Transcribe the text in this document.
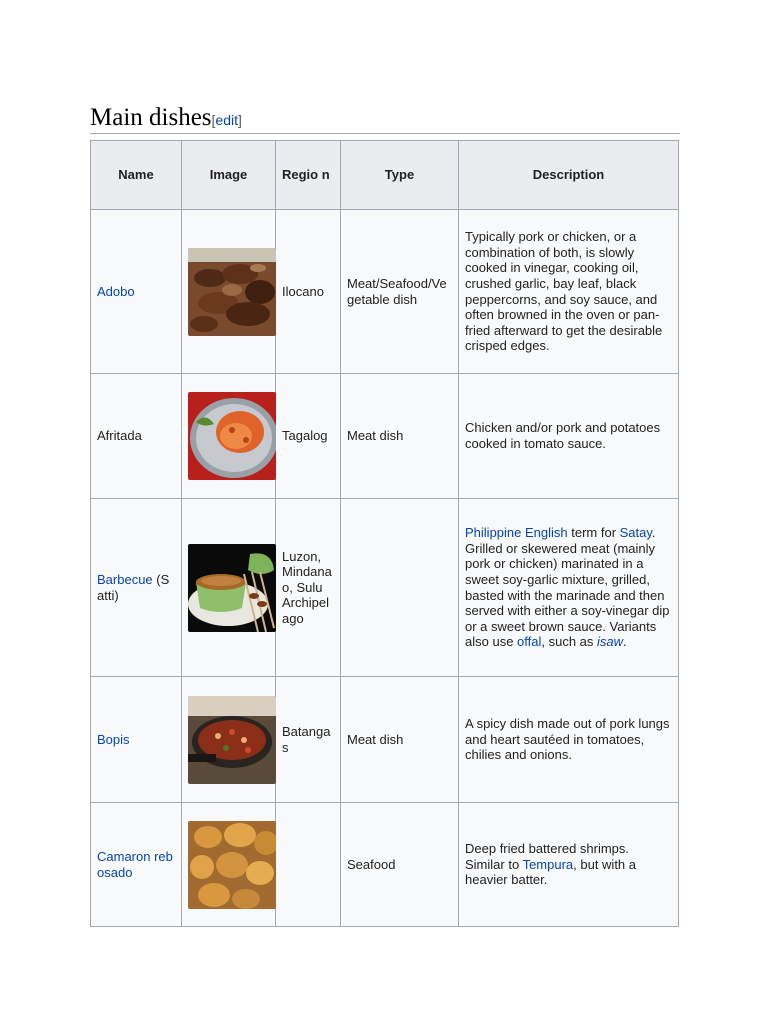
Main dishes[edit]
Name	Image	Regio n	Type	Description
Adobo		Ilocano	Meat/Seafood/Vegetable dish	Typically pork or chicken, or a combination of both, is slowly cooked in vinegar, cooking oil, crushed garlic, bay leaf, black peppercorns, and soy sauce, and often browned in the oven or pan-fried afterward to get the desirable crisped edges.
Afritada		Tagalog	Meat dish	Chicken and/or pork and potatoes cooked in tomato sauce.
Barbecue (Satti)		Luzon, Mindanao, Sulu Archipelago		Philippine English term for Satay. Grilled or skewered meat (mainly pork or chicken) marinated in a sweet soy-garlic mixture, grilled, basted with the marinade and then served with either a soy-vinegar dip or a sweet brown sauce. Variants also use offal, such as isaw.
Bopis		Batangas	Meat dish	A spicy dish made out of pork lungs and heart sautéed in tomatoes, chilies and onions.
Camaron rebosado			Seafood	Deep fried battered shrimps. Similar to Tempura, but with a heavier batter.
